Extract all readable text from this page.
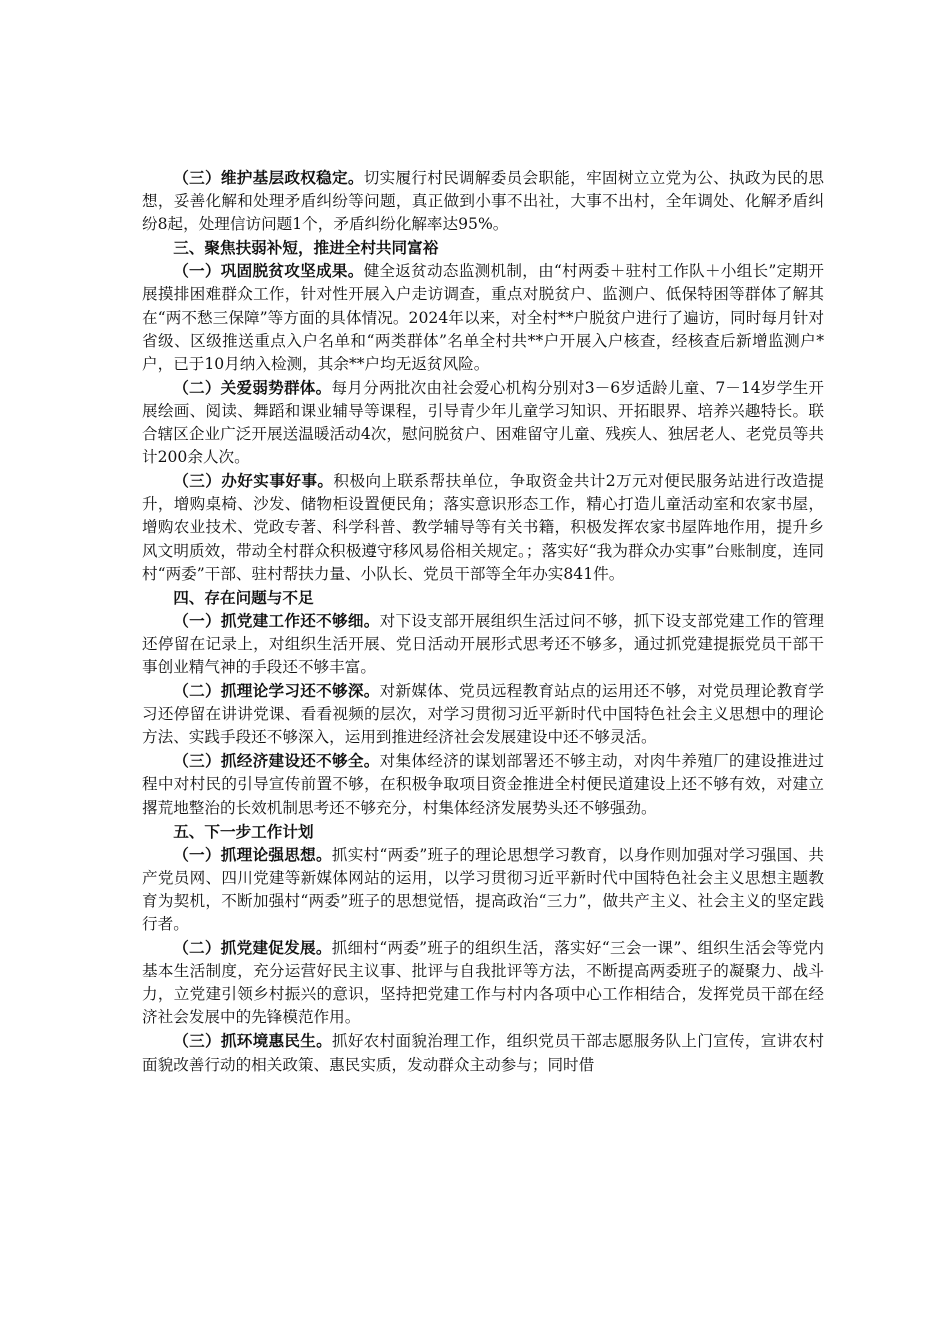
（三）维护基层政权稳定。切实履行村民调解委员会职能，牢固树立立党为公、执政为民的思想，妥善化解和处理矛盾纠纷等问题，真正做到小事不出社，大事不出村，全年调处、化解矛盾纠纷8起，处理信访问题1个，矛盾纠纷化解率达95%。

三、聚焦扶弱补短，推进全村共同富裕

（一）巩固脱贫攻坚成果。健全返贫动态监测机制，由“村两委＋驻村工作队＋小组长”定期开展摸排困难群众工作，针对性开展入户走访调查，重点对脱贫户、监测户、低保特困等群体了解其在“两不愁三保障”等方面的具体情况。2024年以来，对全村**户脱贫户进行了遍访，同时每月针对省级、区级推送重点入户名单和“两类群体”名单全村共**户开展入户核查，经核查后新增监测户*户，已于10月纳入检测，其余**户均无返贫风险。

（二）关爱弱势群体。每月分两批次由社会爱心机构分别对3－6岁适龄儿童、7－14岁学生开展绘画、阅读、舞蹈和课业辅导等课程，引导青少年儿童学习知识、开拓眼界、培养兴趣特长。联合辖区企业广泛开展送温暖活动4次，慰问脱贫户、困难留守儿童、残疾人、独居老人、老党员等共计200余人次。

（三）办好实事好事。积极向上联系帮扶单位，争取资金共计2万元对便民服务站进行改造提升，增购桌椅、沙发、储物柜设置便民角；落实意识形态工作，精心打造儿童活动室和农家书屋，增购农业技术、党政专著、科学科普、教学辅导等有关书籍，积极发挥农家书屋阵地作用，提升乡风文明质效，带动全村群众积极遵守移风易俗相关规定。；落实好“我为群众办实事”台账制度，连同村“两委”干部、驻村帮扶力量、小队长、党员干部等全年办实841件。

四、存在问题与不足

（一）抓党建工作还不够细。对下设支部开展组织生活过问不够，抓下设支部党建工作的管理还停留在记录上，对组织生活开展、党日活动开展形式思考还不够多，通过抓党建提振党员干部干事创业精气神的手段还不够丰富。

（二）抓理论学习还不够深。对新媒体、党员远程教育站点的运用还不够，对党员理论教育学习还停留在讲讲党课、看看视频的层次，对学习贯彻习近平新时代中国特色社会主义思想中的理论方法、实践手段还不够深入，运用到推进经济社会发展建设中还不够灵活。

（三）抓经济建设还不够全。对集体经济的谋划部署还不够主动，对肉牛养殖厂的建设推进过程中对村民的引导宣传前置不够，在积极争取项目资金推进全村便民道建设上还不够有效，对建立撂荒地整治的长效机制思考还不够充分，村集体经济发展势头还不够强劲。

五、下一步工作计划

（一）抓理论强思想。抓实村“两委”班子的理论思想学习教育，以身作则加强对学习强国、共产党员网、四川党建等新媒体网站的运用，以学习贯彻习近平新时代中国特色社会主义思想主题教育为契机，不断加强村“两委”班子的思想觉悟，提高政治“三力”，做共产主义、社会主义的坚定践行者。

（二）抓党建促发展。抓细村“两委”班子的组织生活，落实好“三会一课”、组织生活会等党内基本生活制度，充分运营好民主议事、批评与自我批评等方法，不断提高两委班子的凝聚力、战斗力，立党建引领乡村振兴的意识，坚持把党建工作与村内各项中心工作相结合，发挥党员干部在经济社会发展中的先锋模范作用。

（三）抓环境惠民生。抓好农村面貌治理工作，组织党员干部志愿服务队上门宣传，宣讲农村面貌改善行动的相关政策、惠民实质，发动群众主动参与；同时借
